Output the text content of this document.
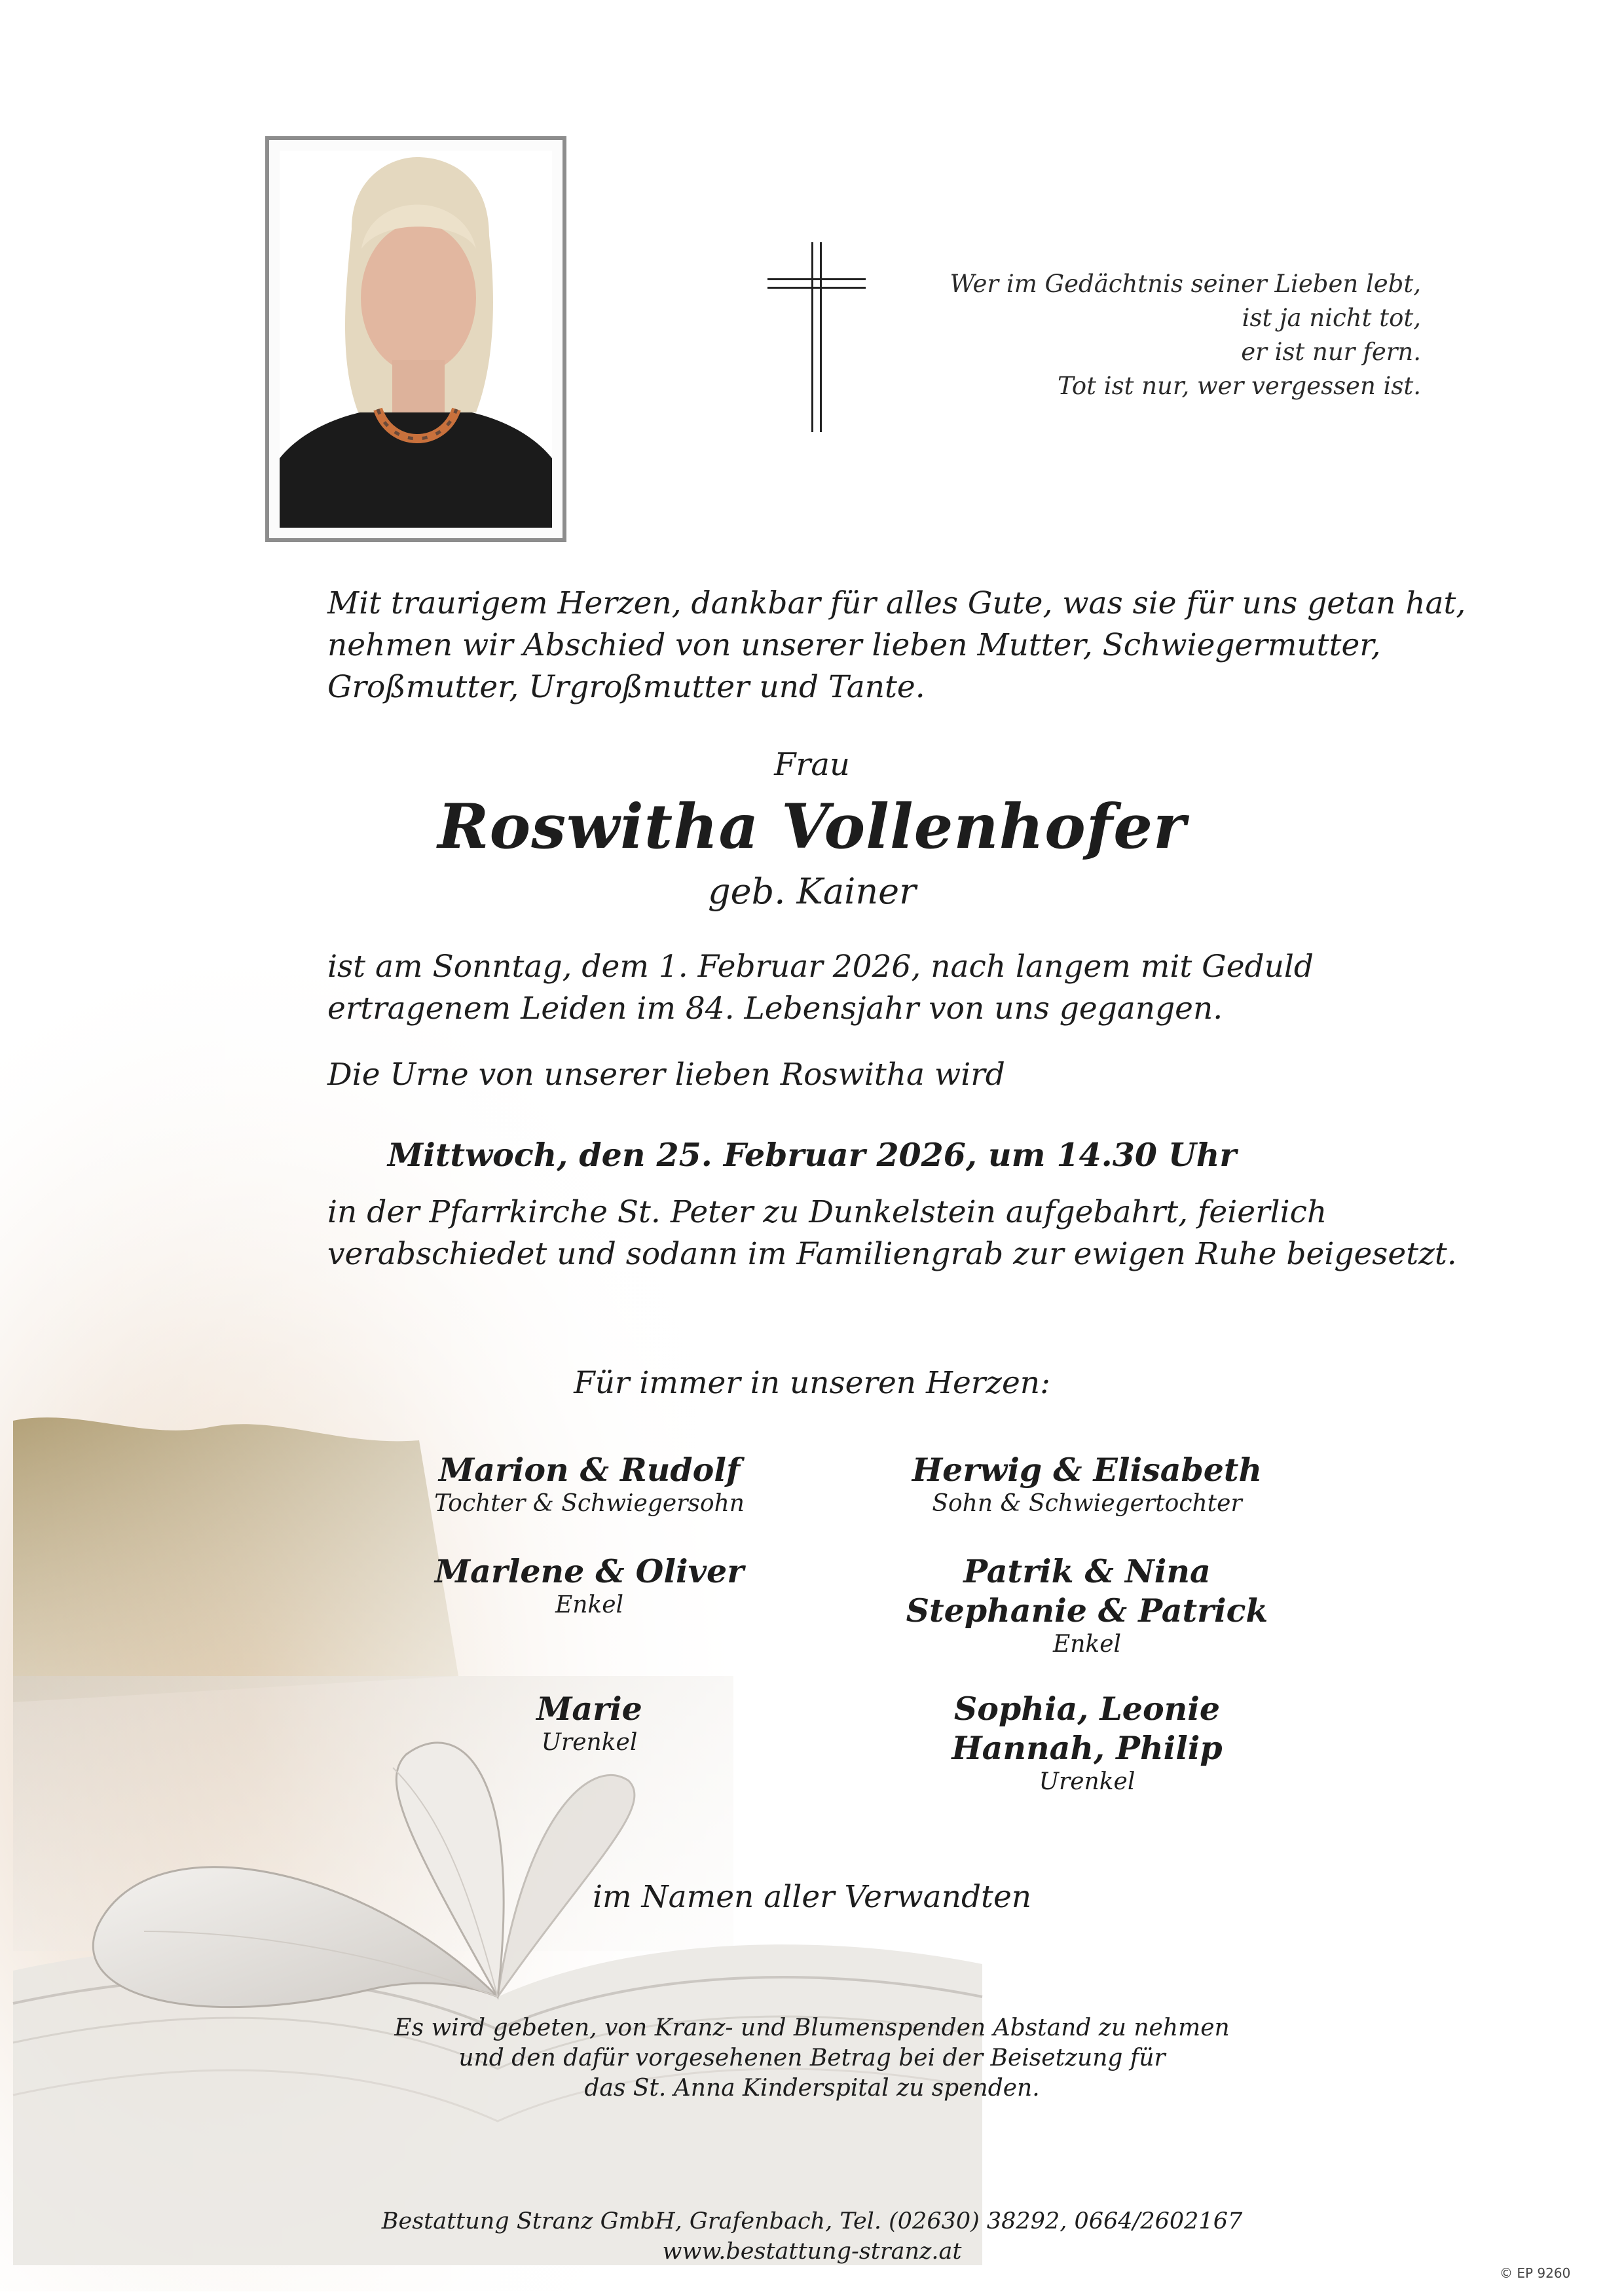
Wer im Gedächtnis seiner Lieben lebt,
ist ja nicht tot,
er ist nur fern.
Tot ist nur, wer vergessen ist.
Mit traurigem Herzen, dankbar für alles Gute, was sie für uns getan hat,
nehmen wir Abschied von unserer lieben Mutter, Schwiegermutter,
Großmutter, Urgroßmutter und Tante.
Frau
Roswitha Vollenhofer
geb. Kainer
ist am Sonntag, dem 1. Februar 2026, nach langem mit Geduld
ertragenem Leiden im 84. Lebensjahr von uns gegangen.
Die Urne von unserer lieben Roswitha wird
Mittwoch, den 25. Februar 2026, um 14.30 Uhr
in der Pfarrkirche St. Peter zu Dunkelstein aufgebahrt, feierlich
verabschiedet und sodann im Familiengrab zur ewigen Ruhe beigesetzt.
Für immer in unseren Herzen:
Marion & Rudolf
Tochter & Schwiegersohn
Marlene & Oliver
Enkel
Marie
Urenkel
Herwig & Elisabeth
Sohn & Schwiegertochter
Patrik & Nina
Stephanie & Patrick
Enkel
Sophia, Leonie
Hannah, Philip
Urenkel
im Namen aller Verwandten
Es wird gebeten, von Kranz- und Blumenspenden Abstand zu nehmen
und den dafür vorgesehenen Betrag bei der Beisetzung für
das St. Anna Kinderspital zu spenden.
Bestattung Stranz GmbH, Grafenbach, Tel. (02630) 38292, 0664/2602167
www.bestattung-stranz.at
© EP 9260
